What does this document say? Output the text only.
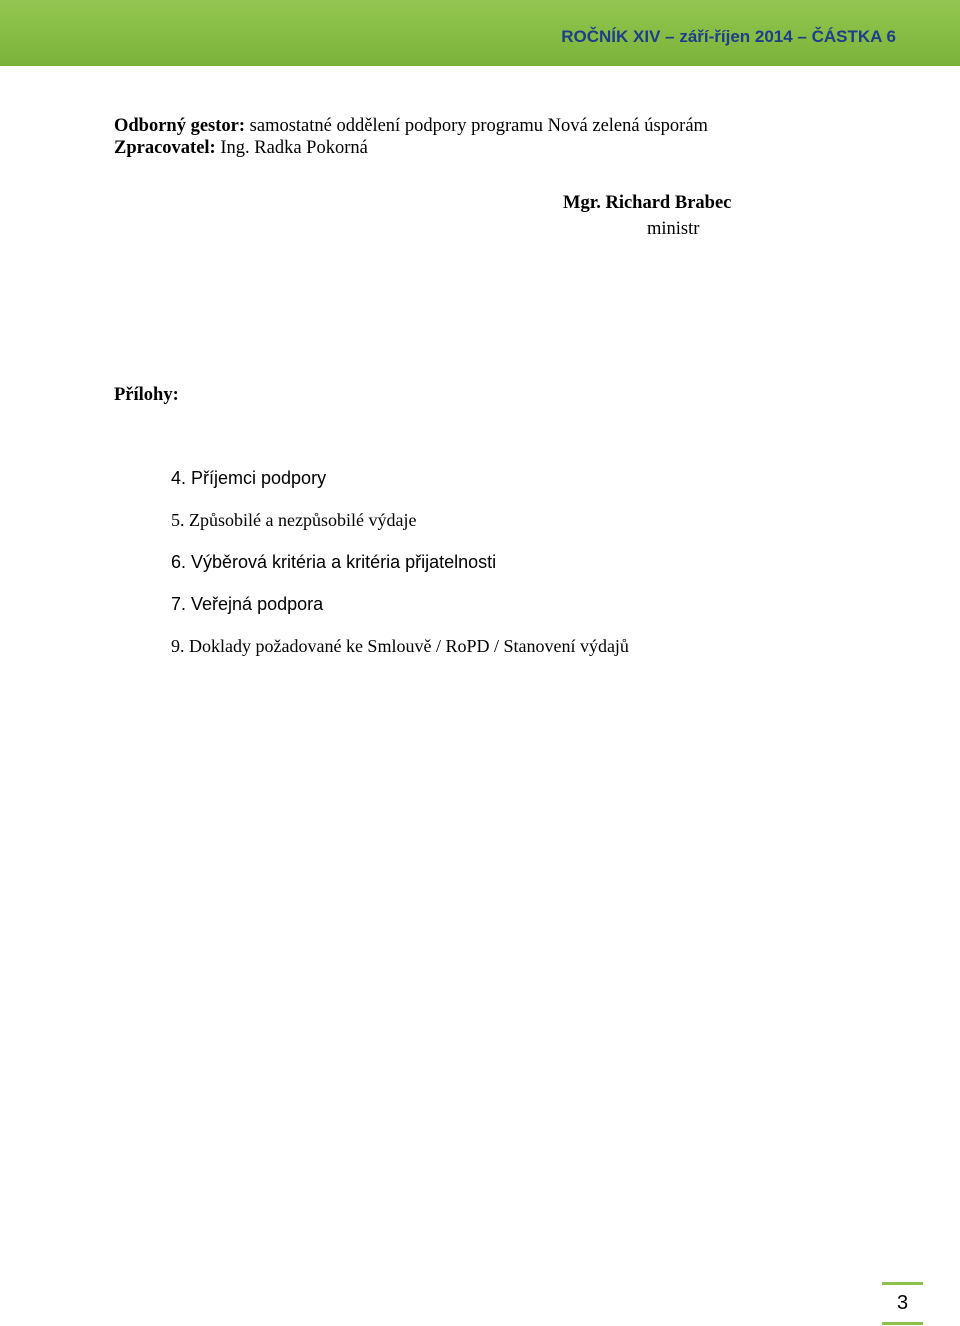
ROČNÍK XIV – září-říjen 2014 – ČÁSTKA 6
Odborný gestor: samostatné oddělení podpory programu Nová zelená úsporám
Zpracovatel: Ing. Radka Pokorná
Mgr. Richard Brabec
ministr
Přílohy:
4. Příjemci podpory
5. Způsobilé a nezpůsobilé výdaje
6. Výběrová kritéria a kritéria přijatelnosti
7. Veřejná podpora
9. Doklady požadované ke Smlouvě / RoPD / Stanovení výdajů
3
